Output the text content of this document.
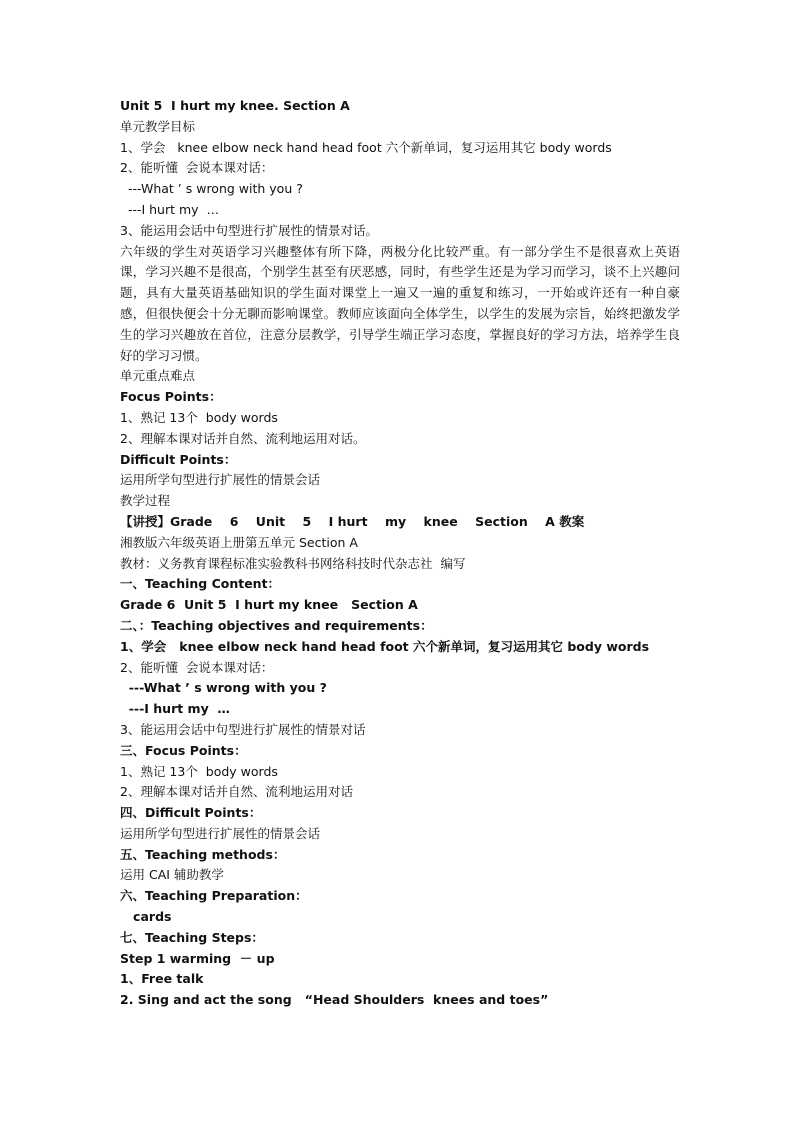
Unit 5  I hurt my knee. Section A
单元教学目标
1、学会   knee elbow neck hand head foot 六个新单词，复习运用其它 body words
2、能听懂  会说本课对话：
---What ’ s wrong with you ?
---I hurt my  …
3、能运用会话中句型进行扩展性的情景对话。
六年级的学生对英语学习兴趣整体有所下降，两极分化比较严重。有一部分学生不是很喜欢上英语课，学习兴趣不是很高，个别学生甚至有厌恶感，同时，有些学生还是为学习而学习，谈不上兴趣问题，具有大量英语基础知识的学生面对课堂上一遍又一遍的重复和练习，一开始或许还有一种自豪感，但很快便会十分无聊而影响课堂。教师应该面向全体学生，以学生的发展为宗旨，始终把激发学生的学习兴趣放在首位，注意分层教学，引导学生端正学习态度，掌握良好的学习方法，培养学生良好的学习习惯。
单元重点难点
Focus Points：
1、熟记 13个  body words
2、理解本课对话并自然、流利地运用对话。
Difficult Points：
运用所学句型进行扩展性的情景会话
教学过程
【讲授】Grade    6    Unit    5    I hurt    my    knee    Section    A 教案
湘教版六年级英语上册第五单元 Section A
教材：义务教育课程标准实验教科书网络科技时代杂志社  编写
一、Teaching Content：
Grade 6  Unit 5  I hurt my knee   Section A
二、：Teaching objectives and requirements：
1、学会   knee elbow neck hand head foot 六个新单词，复习运用其它 body words
2、能听懂  会说本课对话：
---What ’ s wrong with you ?
---I hurt my  …
3、能运用会话中句型进行扩展性的情景对话
三、Focus Points：
1、熟记 13个  body words
2、理解本课对话并自然、流利地运用对话
四、Difficult Points：
运用所学句型进行扩展性的情景会话
五、Teaching methods：
运用 CAI 辅助教学
六、Teaching Preparation：
cards
七、Teaching Steps：
Step 1 warming  － up
1、Free talk
2. Sing and act the song   “Head Shoulders  knees and toes”
